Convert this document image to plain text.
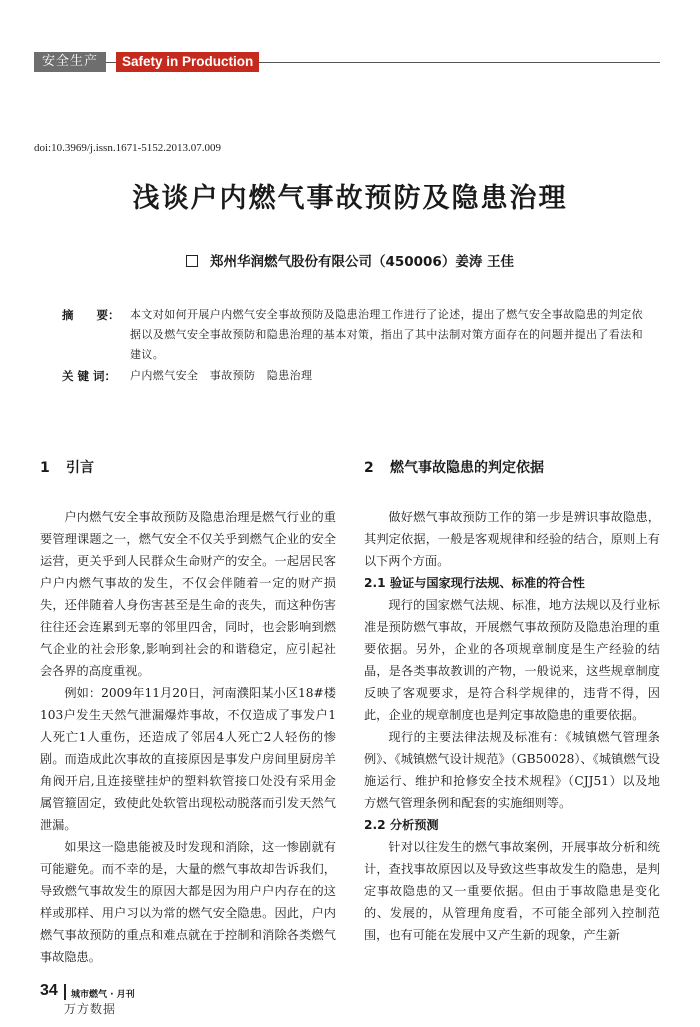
安全生产	Safety in Production
doi:10.3969/j.issn.1671-5152.2013.07.009
浅谈户内燃气事故预防及隐患治理
郑州华润燃气股份有限公司（450006）姜涛 王佳
摘　　要： 本文对如何开展户内燃气安全事故预防及隐患治理工作进行了论述，提出了燃气安全事故隐患的判定依据以及燃气安全事故预防和隐患治理的基本对策，指出了其中法制对策方面存在的问题并提出了看法和建议。
关 键 词：	户内燃气安全　事故预防　隐患治理
1 引言

户内燃气安全事故预防及隐患治理是燃气行业的重要管理课题之一，燃气安全不仅关乎到燃气企业的安全运营，更关乎到人民群众生命财产的安全。一起居民客户户内燃气事故的发生，不仅会伴随着一定的财产损失，还伴随着人身伤害甚至是生命的丧失，而这种伤害往往还会连累到无辜的邻里四舍，同时，也会影响到燃气企业的社会形象,影响到社会的和谐稳定，应引起社会各界的高度重视。

例如：2009年11月20日，河南濮阳某小区18#楼103户发生天然气泄漏爆炸事故，不仅造成了事发户1人死亡1人重伤，还造成了邻居4人死亡2人轻伤的惨剧。而造成此次事故的直接原因是事发户房间里厨房羊角阀开启,且连接壁挂炉的塑料软管接口处没有采用金属管箍固定，致使此处软管出现松动脱落而引发天然气泄漏。

如果这一隐患能被及时发现和消除，这一惨剧就有可能避免。而不幸的是，大量的燃气事故却告诉我们，导致燃气事故发生的原因大都是因为用户户内存在的这样或那样、用户习以为常的燃气安全隐患。因此，户内燃气事故预防的重点和难点就在于控制和消除各类燃气事故隐患。

2 燃气事故隐患的判定依据

做好燃气事故预防工作的第一步是辨识事故隐患，其判定依据，一般是客观规律和经验的结合，原则上有以下两个方面。

2.1 验证与国家现行法规、标准的符合性

现行的国家燃气法规、标准，地方法规以及行业标准是预防燃气事故，开展燃气事故预防及隐患治理的重要依据。另外，企业的各项规章制度是生产经验的结晶，是各类事故教训的产物，一般说来，这些规章制度反映了客观要求，是符合科学规律的，违背不得，因此，企业的规章制度也是判定事故隐患的重要依据。

现行的主要法律法规及标准有：《城镇燃气管理条例》、《城镇燃气设计规范》（GB50028）、《城镇燃气设施运行、维护和抢修安全技术规程》（CJJ51）以及地方燃气管理条例和配套的实施细则等。

2.2 分析预测

针对以往发生的燃气事故案例，开展事故分析和统计，查找事故原因以及导致这些事故发生的隐患，是判定事故隐患的又一重要依据。但由于事故隐患是变化的、发展的，从管理角度看，不可能全部列入控制范围，也有可能在发展中又产生新的现象，产生新

34 城市燃气 · 月刊
万方数据
